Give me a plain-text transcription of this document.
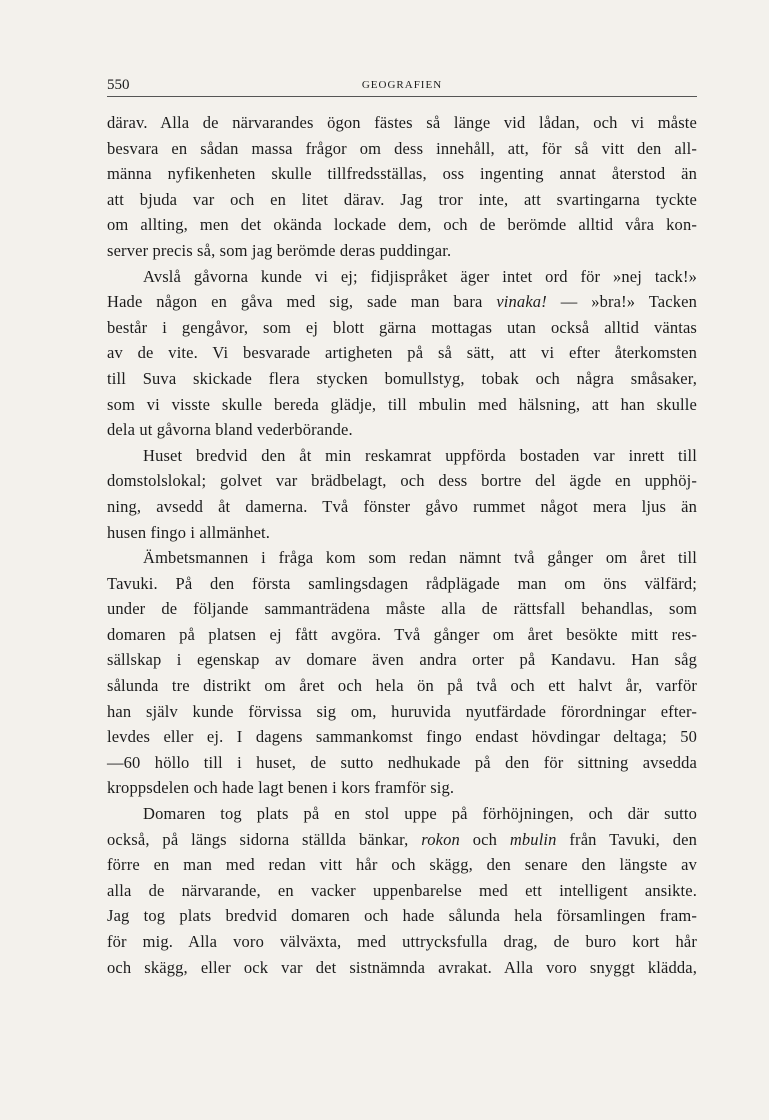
550	GEOGRAFIEN
därav. Alla de närvarandes ögon fästes så länge vid lådan, och vi måste
besvara en sådan massa frågor om dess innehåll, att, för så vitt den all-
männa nyfikenheten skulle tillfredsställas, oss ingenting annat återstod än
att bjuda var och en litet därav. Jag tror inte, att svartingarna tyckte
om allting, men det okända lockade dem, och de berömde alltid våra kon-
server precis så, som jag berömde deras puddingar.
Avslå gåvorna kunde vi ej; fidjispråket äger intet ord för »nej tack!»
Hade någon en gåva med sig, sade man bara vinaka! — »bra!» Tacken
består i gengåvor, som ej blott gärna mottagas utan också alltid väntas
av de vite. Vi besvarade artigheten på så sätt, att vi efter återkomsten
till Suva skickade flera stycken bomullstyg, tobak och några småsaker,
som vi visste skulle bereda glädje, till mbulin med hälsning, att han skulle
dela ut gåvorna bland vederbörande.
Huset bredvid den åt min reskamrat uppförda bostaden var inrett till
domstolslokal; golvet var brädbelagt, och dess bortre del ägde en upphöj-
ning, avsedd åt damerna. Två fönster gåvo rummet något mera ljus än
husen fingo i allmänhet.
Ämbetsmannen i fråga kom som redan nämnt två gånger om året till
Tavuki. På den första samlingsdagen rådplägade man om öns välfärd;
under de följande sammanträdena måste alla de rättsfall behandlas, som
domaren på platsen ej fått avgöra. Två gånger om året besökte mitt res-
sällskap i egenskap av domare även andra orter på Kandavu. Han såg
sålunda tre distrikt om året och hela ön på två och ett halvt år, varför
han själv kunde förvissa sig om, huruvida nyutfärdade förordningar efter-
levdes eller ej. I dagens sammankomst fingo endast hövdingar deltaga; 50
—60 höllo till i huset, de sutto nedhukade på den för sittning avsedda
kroppsdelen och hade lagt benen i kors framför sig.
Domaren tog plats på en stol uppe på förhöjningen, och där sutto
också, på längs sidorna ställda bänkar, rokon och mbulin från Tavuki, den
förre en man med redan vitt hår och skägg, den senare den längste av
alla de närvarande, en vacker uppenbarelse med ett intelligent ansikte.
Jag tog plats bredvid domaren och hade sålunda hela församlingen fram-
för mig. Alla voro välväxta, med uttrycksfulla drag, de buro kort hår
och skägg, eller ock var det sistnämnda avrakat. Alla voro snyggt klädda,
